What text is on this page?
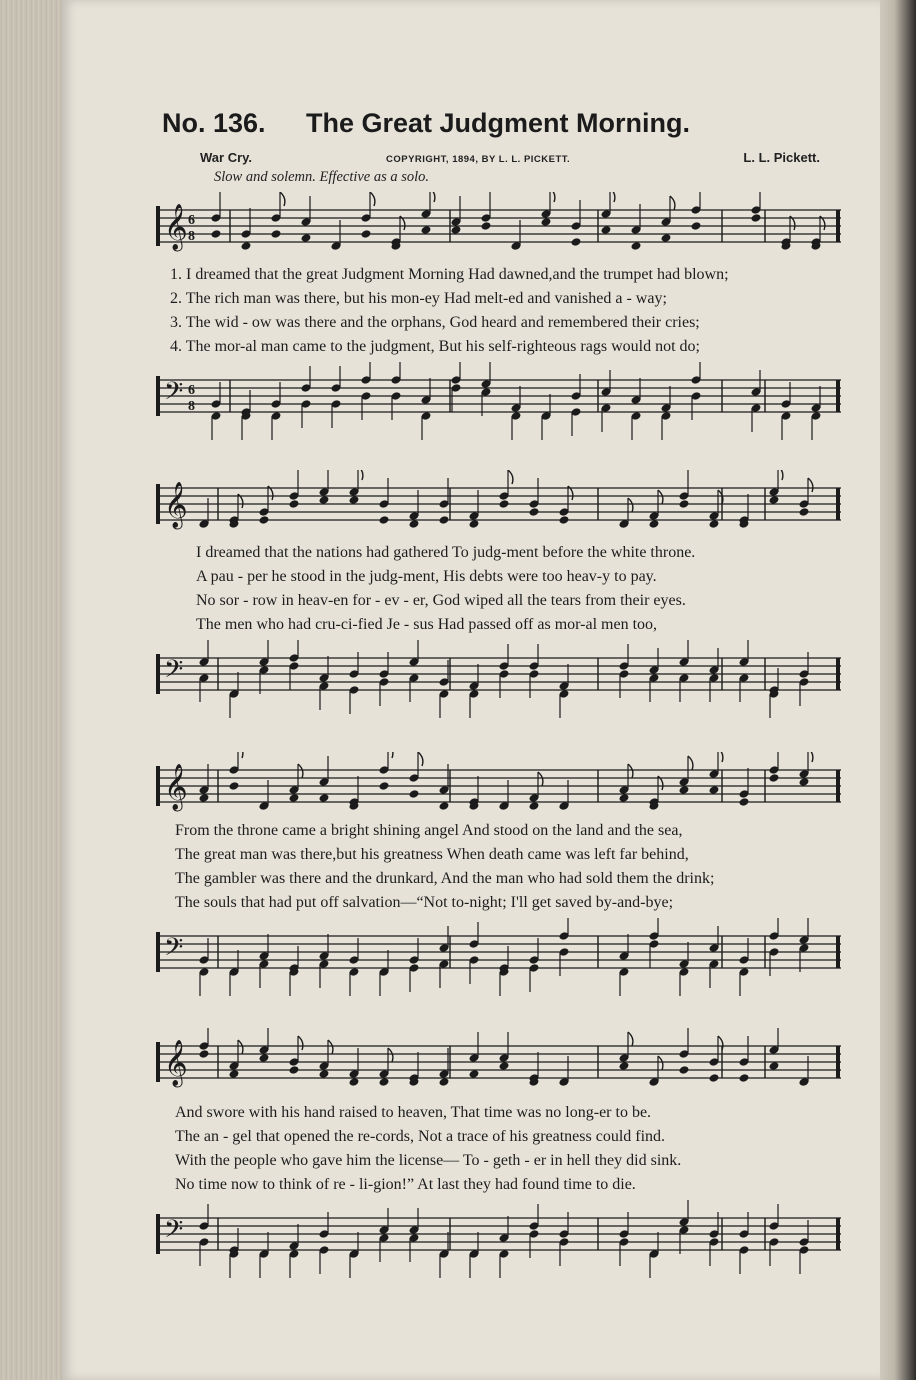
No. 136. The Great Judgment Morning.
War Cry.	COPYRIGHT, 1894, BY L. L. PICKETT.	L. L. Pickett.
Slow and solemn. Effective as a solo.
𝄞 6
8
1. I dreamed that the great Judgment Morning Had dawned,and the trumpet had blown;
2. The rich man was there, but his mon-ey Had melt-ed and vanished a - way;
3. The wid - ow was there and the orphans, God heard and remembered their cries;
4. The mor-al man came to the judgment, But his self-righteous rags would not do;
𝄢 6
8
𝄞
I dreamed that the nations had gathered To judg-ment before the white throne.
A pau - per he stood in the judg-ment, His debts were too heav-y to pay.
No sor - row in heav-en for - ev - er, God wiped all the tears from their eyes.
The men who had cru-ci-fied Je - sus Had passed off as mor-al men too,
𝄢
𝄞
From the throne came a bright shining angel And stood on the land and the sea,
The great man was there,but his greatness When death came was left far behind,
The gambler was there and the drunkard, And the man who had sold them the drink;
The souls that had put off salvation—“Not to-night; I'll get saved by-and-bye;
𝄢
𝄞
And swore with his hand raised to heaven, That time was no long-er to be.
The an - gel that opened the re-cords, Not a trace of his greatness could find.
With the people who gave him the license— To - geth - er in hell they did sink.
No time now to think of re - li-gion!” At last they had found time to die.
𝄢
